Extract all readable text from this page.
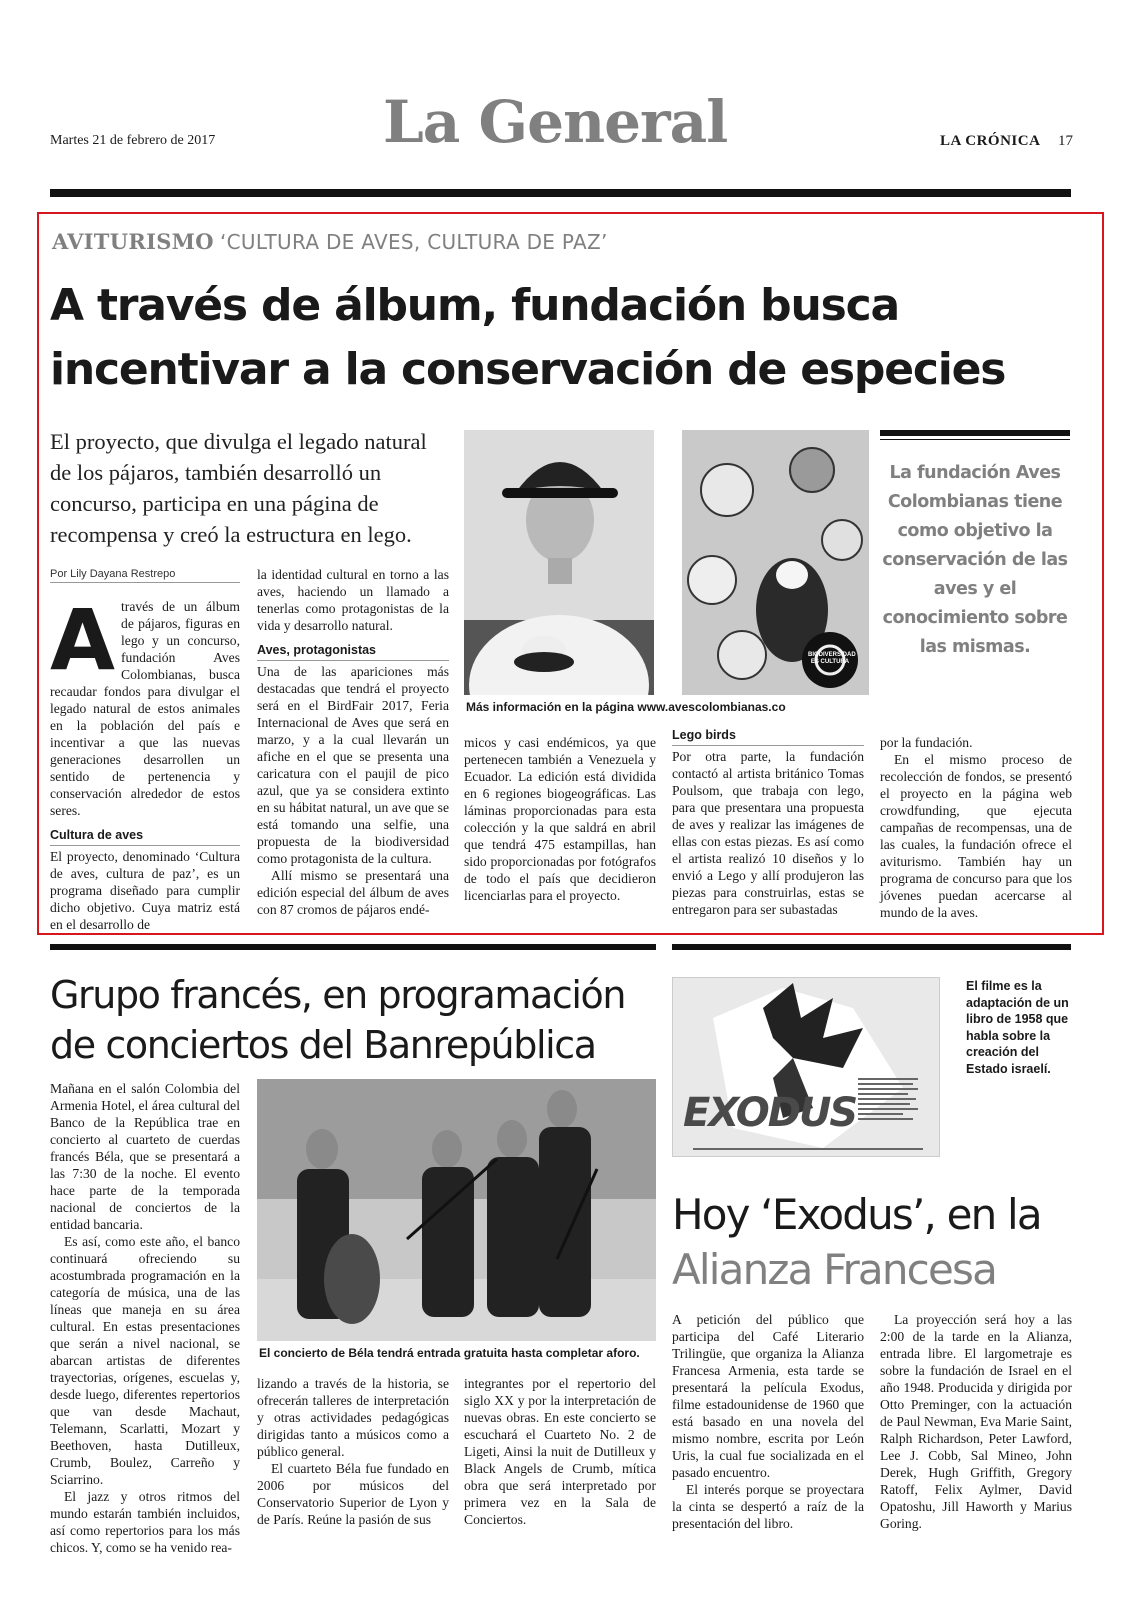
Martes 21 de febrero de 2017	La General	LA CRÓNICA 17
AVITURISMO ‘CULTURA DE AVES, CULTURA DE PAZ’
A través de álbum, fundación busca
incentivar a la conservación de especies
El proyecto, que divulga el legado natural de los pájaros, también desarrolló un concurso, participa en una página de recompensa y creó la estructura en lego.
Por Lily Dayana Restrepo
A través de un álbum de pájaros, figuras en lego y un concurso, fundación Aves Colombianas, busca recaudar fondos para divulgar el legado natural de estos animales en la población del país e incentivar a que las nuevas generaciones desarrollen un sentido de pertenencia y conservación alrededor de estos seres.

Cultura de aves

El proyecto, denominado ‘Cultura de aves, cultura de paz’, es un programa diseñado para cumplir dicho objetivo. Cuya matriz está en el desarrollo de

la identidad cultural en torno a las aves, haciendo un llamado a tenerlas como protagonistas de la vida y desarrollo natural.

Aves, protagonistas

Una de las apariciones más destacadas que tendrá el proyecto será en el BirdFair 2017, Feria Internacional de Aves que será en marzo, y a la cual llevarán un afiche en el que se presenta una caricatura con el paujil de pico azul, que ya se considera extinto en su hábitat natural, un ave que se está tomando una selfie, una propuesta de la biodiversidad como protagonista de la cultura.

Allí mismo se presentará una edición especial del álbum de aves con 87 cromos de pájaros endé-

BIODIVERSIDAD ES CULTURA
Más información en la página www.avescolombianas.co
La fundación Aves Colombianas tiene como objetivo la conservación de las aves y el conocimiento sobre las mismas.

micos y casi endémicos, ya que pertenecen también a Venezuela y Ecuador. La edición está dividida en 6 regiones biogeográficas. Las láminas proporcionadas para esta colección y la que saldrá en abril que tendrá 475 estampillas, han sido proporcionadas por fotógrafos de todo el país que decidieron licenciarlas para el proyecto.

Lego birds

Por otra parte, la fundación contactó al artista británico Tomas Poulsom, que trabaja con lego, para que presentara una propuesta de aves y realizar las imágenes de ellas con estas piezas. Es así como el artista realizó 10 diseños y lo envió a Lego y allí produjeron las piezas para construirlas, estas se entregaron para ser subastadas

por la fundación.

En el mismo proceso de recolección de fondos, se presentó el proyecto en la página web crowdfunding, que ejecuta campañas de recompensas, una de las cuales, la fundación ofrece el aviturismo. También hay un programa de concurso para que los jóvenes puedan acercarse al mundo de la aves.

Grupo francés, en programación
de conciertos del Banrepública

Mañana en el salón Colombia del Armenia Hotel, el área cultural del Banco de la República trae en concierto al cuarteto de cuerdas francés Béla, que se presentará a las 7:30 de la noche. El evento hace parte de la temporada nacional de conciertos de la entidad bancaria.

Es así, como este año, el banco continuará ofreciendo su acostumbrada programación en la categoría de música, una de las líneas que maneja en su área cultural. En estas presentaciones que serán a nivel nacional, se abarcan artistas de diferentes trayectorias, orígenes, escuelas y, desde luego, diferentes repertorios que van desde Machaut, Telemann, Scarlatti, Mozart y Beethoven, hasta Dutilleux, Crumb, Boulez, Carreño y Sciarrino.

El jazz y otros ritmos del mundo estarán también incluidos, así como repertorios para los más chicos. Y, como se ha venido rea-

El concierto de Béla tendrá entrada gratuita hasta completar aforo.

lizando a través de la historia, se ofrecerán talleres de interpretación y otras actividades pedagógicas dirigidas tanto a músicos como a público general.

El cuarteto Béla fue fundado en 2006 por músicos del Conservatorio Superior de Lyon y de París. Reúne la pasión de sus

integrantes por el repertorio del siglo XX y por la interpretación de nuevas obras. En este concierto se escuchará el Cuarteto No. 2 de Ligeti, Ainsi la nuit de Dutilleux y Black Angels de Crumb, mítica obra que será interpretado por primera vez en la Sala de Conciertos.

EXODUS
El filme es la adaptación de un libro de 1958 que habla sobre la creación del Estado israelí.
Hoy ‘Exodus’, en la
Alianza Francesa

A petición del público que participa del Café Literario Trilingüe, que organiza la Alianza Francesa Armenia, esta tarde se presentará la película Exodus, filme estadounidense de 1960 que está basado en una novela del mismo nombre, escrita por León Uris, la cual fue socializada en el pasado encuentro.

El interés porque se proyectara la cinta se despertó a raíz de la presentación del libro.

La proyección será hoy a las 2:00 de la tarde en la Alianza, entrada libre. El largometraje es sobre la fundación de Israel en el año 1948. Producida y dirigida por Otto Preminger, con la actuación de Paul Newman, Eva Marie Saint, Ralph Richardson, Peter Lawford, Lee J. Cobb, Sal Mineo, John Derek, Hugh Griffith, Gregory Ratoff, Felix Aylmer, David Opatoshu, Jill Haworth y Marius Goring.
